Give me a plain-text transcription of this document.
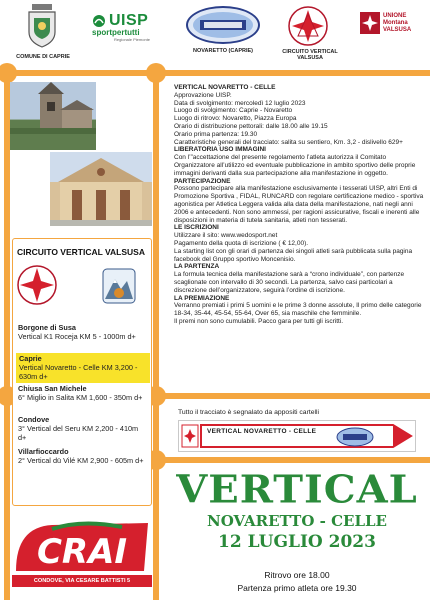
COMUNE DI CAPRIE
UISP
sportpertutti
Regionale Piemonte
NOVARETTO (CAPRIE)	CIRCUITO VERTICAL VALSUSA
UNIONE
Montana
VALSUSA

VERTICAL NOVARETTO - CELLE

Approvazione UISP.

Data di svolgimento: mercoledì 12 luglio 2023

Luogo di svolgimento: Caprie - Novaretto

Luogo di ritrovo: Novaretto, Piazza Europa

Orario di distribuzione pettorali: dalle 18.00 alle 19.15

Orario prima partenza: 19.30

Caratteristiche generali del tracciato: salita su sentiero, Km. 3,2 - dislivello 629+

LIBERATORIA USO IMMAGINI

Con l’”accettazione del presente regolamento l’atleta autorizza il Comitato Organizzatore all’utilizzo ed eventuale pubblicazione in ambito sportivo delle proprie immagini derivanti dalla sua partecipazione alla manifestazione in oggetto.

PARTECIPAZIONE

Possono partecipare alla manifestazione esclusivamente i tesserati UISP, altri Enti di Promozione Sportiva , FIDAL, RUNCARD con regolare certificazione medico - sportiva agonistica per Atletica Leggera valida alla data della manifestazione, nati negli anni 2006 e antecedenti. Non sono ammessi, per ragioni assicurative, fiscali e inerenti alle disposizioni in materia di tutela sanitaria, atleti non tesserati.

LE ISCRIZIONI

Utilizzare il sito: www.wedosport.net
Pagamento della quota di iscrizione ( € 12,00).
La starting list con gli orari di partenza dei singoli atleti sarà pubblicata sulla pagina facebook del Gruppo sportivo Moncenisio.

LA PARTENZA

La formula tecnica della manifestazione sarà a “crono individuale”, con partenze scaglionate con intervallo di 30 secondi. La partenza, salvo casi particolari a discrezione dell’organizzatore, seguirà l’ordine di iscrizione.

LA PREMIAZIONE

Verranno premiati i primi 5 uomini e le prime 3 donne assolute, Il primo delle categorie 18-34, 35-44, 45-54, 55-64, Over 65, sia maschile che femminile.
Il premi non sono cumulabili. Pacco gara per tutti gli iscritti.

CIRCUITO VERTICAL VALSUSA
Borgone di Susa
Vertical K1 Roceja KM 5 - 1000m d+
Caprie
Vertical Novaretto - Celle KM 3,200 - 630m d+
Chiusa San Michele
6° Miglio in Salita KM 1,600 - 350m d+
Condove
3° Vertical del Seru KM 2,200 - 410m d+
Villarfioccardo
2° Vertical dü Vilé KM 2,900 - 605m d+
CRAI
CONDOVE, VIA CESARE BATTISTI 5
Tutto il tracciato è segnalato da appositi cartelli
VERTICAL NOVARETTO - CELLE
VERTICAL
NOVARETTO - CELLE
12 LUGLIO 2023
Ritrovo ore 18.00
Partenza primo atleta ore 19.30
